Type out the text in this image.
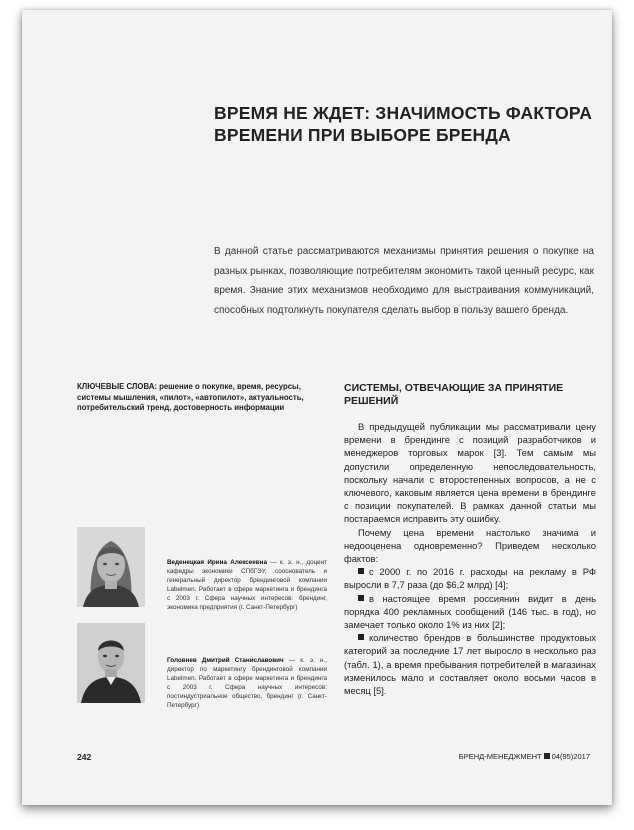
ВРЕМЯ НЕ ЖДЕТ: ЗНАЧИМОСТЬ ФАКТОРА
ВРЕМЕНИ ПРИ ВЫБОРЕ БРЕНДА
В данной статье рассматриваются механизмы принятия решения о покупке на разных рынках, позволяющие потребителям экономить такой ценный ресурс, как время. Знание этих механизмов необходимо для выстраивания коммуникаций, способных подтолкнуть покупателя сделать выбор в пользу вашего бренда.
КЛЮЧЕВЫЕ СЛОВА: решение о покупке, время, ресурсы, системы мышления, «пилот», «автопилот», актуальность, потребительский тренд, достоверность информации
СИСТЕМЫ, ОТВЕЧАЮЩИЕ ЗА ПРИНЯТИЕ
РЕШЕНИЙ

В предыдущей публикации мы рассматривали цену времени в брендинге с позиций разработчиков и менеджеров торговых марок [3]. Тем самым мы допустили определенную непоследовательность, поскольку начали с второстепенных вопросов, а не с ключевого, каковым является цена времени в брендинге с позиции покупателей. В рамках данной статьи мы постараемся исправить эту ошибку.

Почему цена времени настолько значима и недооценена одновременно? Приведем несколько фактов:

с 2000 г. по 2016 г. расходы на рекламу в РФ выросли в 7,7 раза (до $6,2 млрд) [4];

в настоящее время россиянин видит в день порядка 400 рекламных сообщений (146 тыс. в год), но замечает только около 1% из них [2];

количество брендов в большинстве продуктовых категорий за последние 17 лет выросло в несколько раз (табл. 1), а время пребывания потребителей в магазинах изменилось мало и составляет около восьми часов в месяц [5].

Веденецкая Ирина Алексеевна — к. э. н., доцент кафедры экономики СПбГЭУ, сооснователь и генеральный директор брендинговой компании Labelmen. Работает в сфере маркетинга и брендинга с 2003 г. Сфера научных интересов: брендинг, экономика предприятия (г. Санкт-Петербург)
Головнев Дмитрий Станиславович — к. э. н., директор по маркетингу брендинговой компании Labelmen. Работает в сфере маркетинга и брендинга с 2003 г. Сфера научных интересов: постиндустриальное общество, брендинг (г. Санкт-Петербург)
242	БРЕНД-МЕНЕДЖМЕНТ 04(95)2017
